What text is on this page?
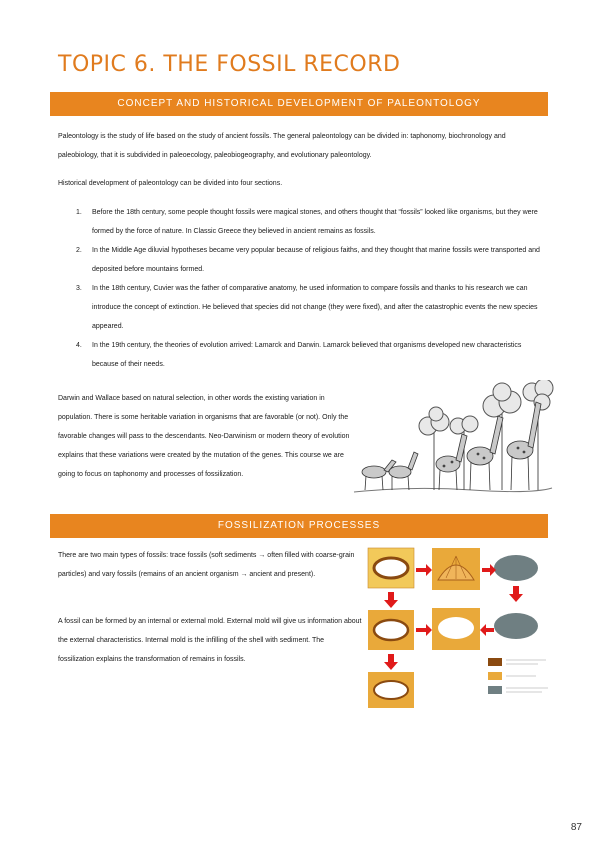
TOPIC 6. THE FOSSIL RECORD
CONCEPT AND HISTORICAL DEVELOPMENT OF PALEONTOLOGY

Paleontology is the study of life based on the study of ancient fossils. The general paleontology can be divided in: taphonomy, biochronology and paleobiology, that it is subdivided in paleoecology, paleobiogeography, and evolutionary paleontology.

Historical development of paleontology can be divided into four sections.

1. Before the 18th century, some people thought fossils were magical stones, and others thought that “fossils” looked like organisms, but they were formed by the force of nature. In Classic Greece they believed in ancient remains as fossils.
2. In the Middle Age diluvial hypotheses became very popular because of religious faiths, and they thought that marine fossils were transported and deposited before mountains formed.
3. In the 18th century, Cuvier was the father of comparative anatomy, he used information to compare fossils and thanks to his research we can introduce the concept of extinction. He believed that species did not change (they were fixed), and after the catastrophic events the new species appeared.
4. In the 19th century, the theories of evolution arrived: Lamarck and Darwin. Lamarck believed that organisms developed new characteristics because of their needs.

Darwin and Wallace based on natural selection, in other words the existing variation in population. There is some heritable variation in organisms that are favorable (or not). Only the favorable changes will pass to the descendants. Neo-Darwinism or modern theory of evolution explains that these variations were created by the mutation of the genes. This course we are going to focus on taphonomy and processes of fossilization.

FOSSILIZATION PROCESSES

There are two main types of fossils: trace fossils (soft sediments → often filled with coarse-grain particles) and vary fossils (remains of an ancient organism → ancient and present).

A fossil can be formed by an internal or external mold. External mold will give us information about the external characteristics. Internal mold is the infilling of the shell with sediment. The fossilization explains the transformation of remains in fossils.

87
